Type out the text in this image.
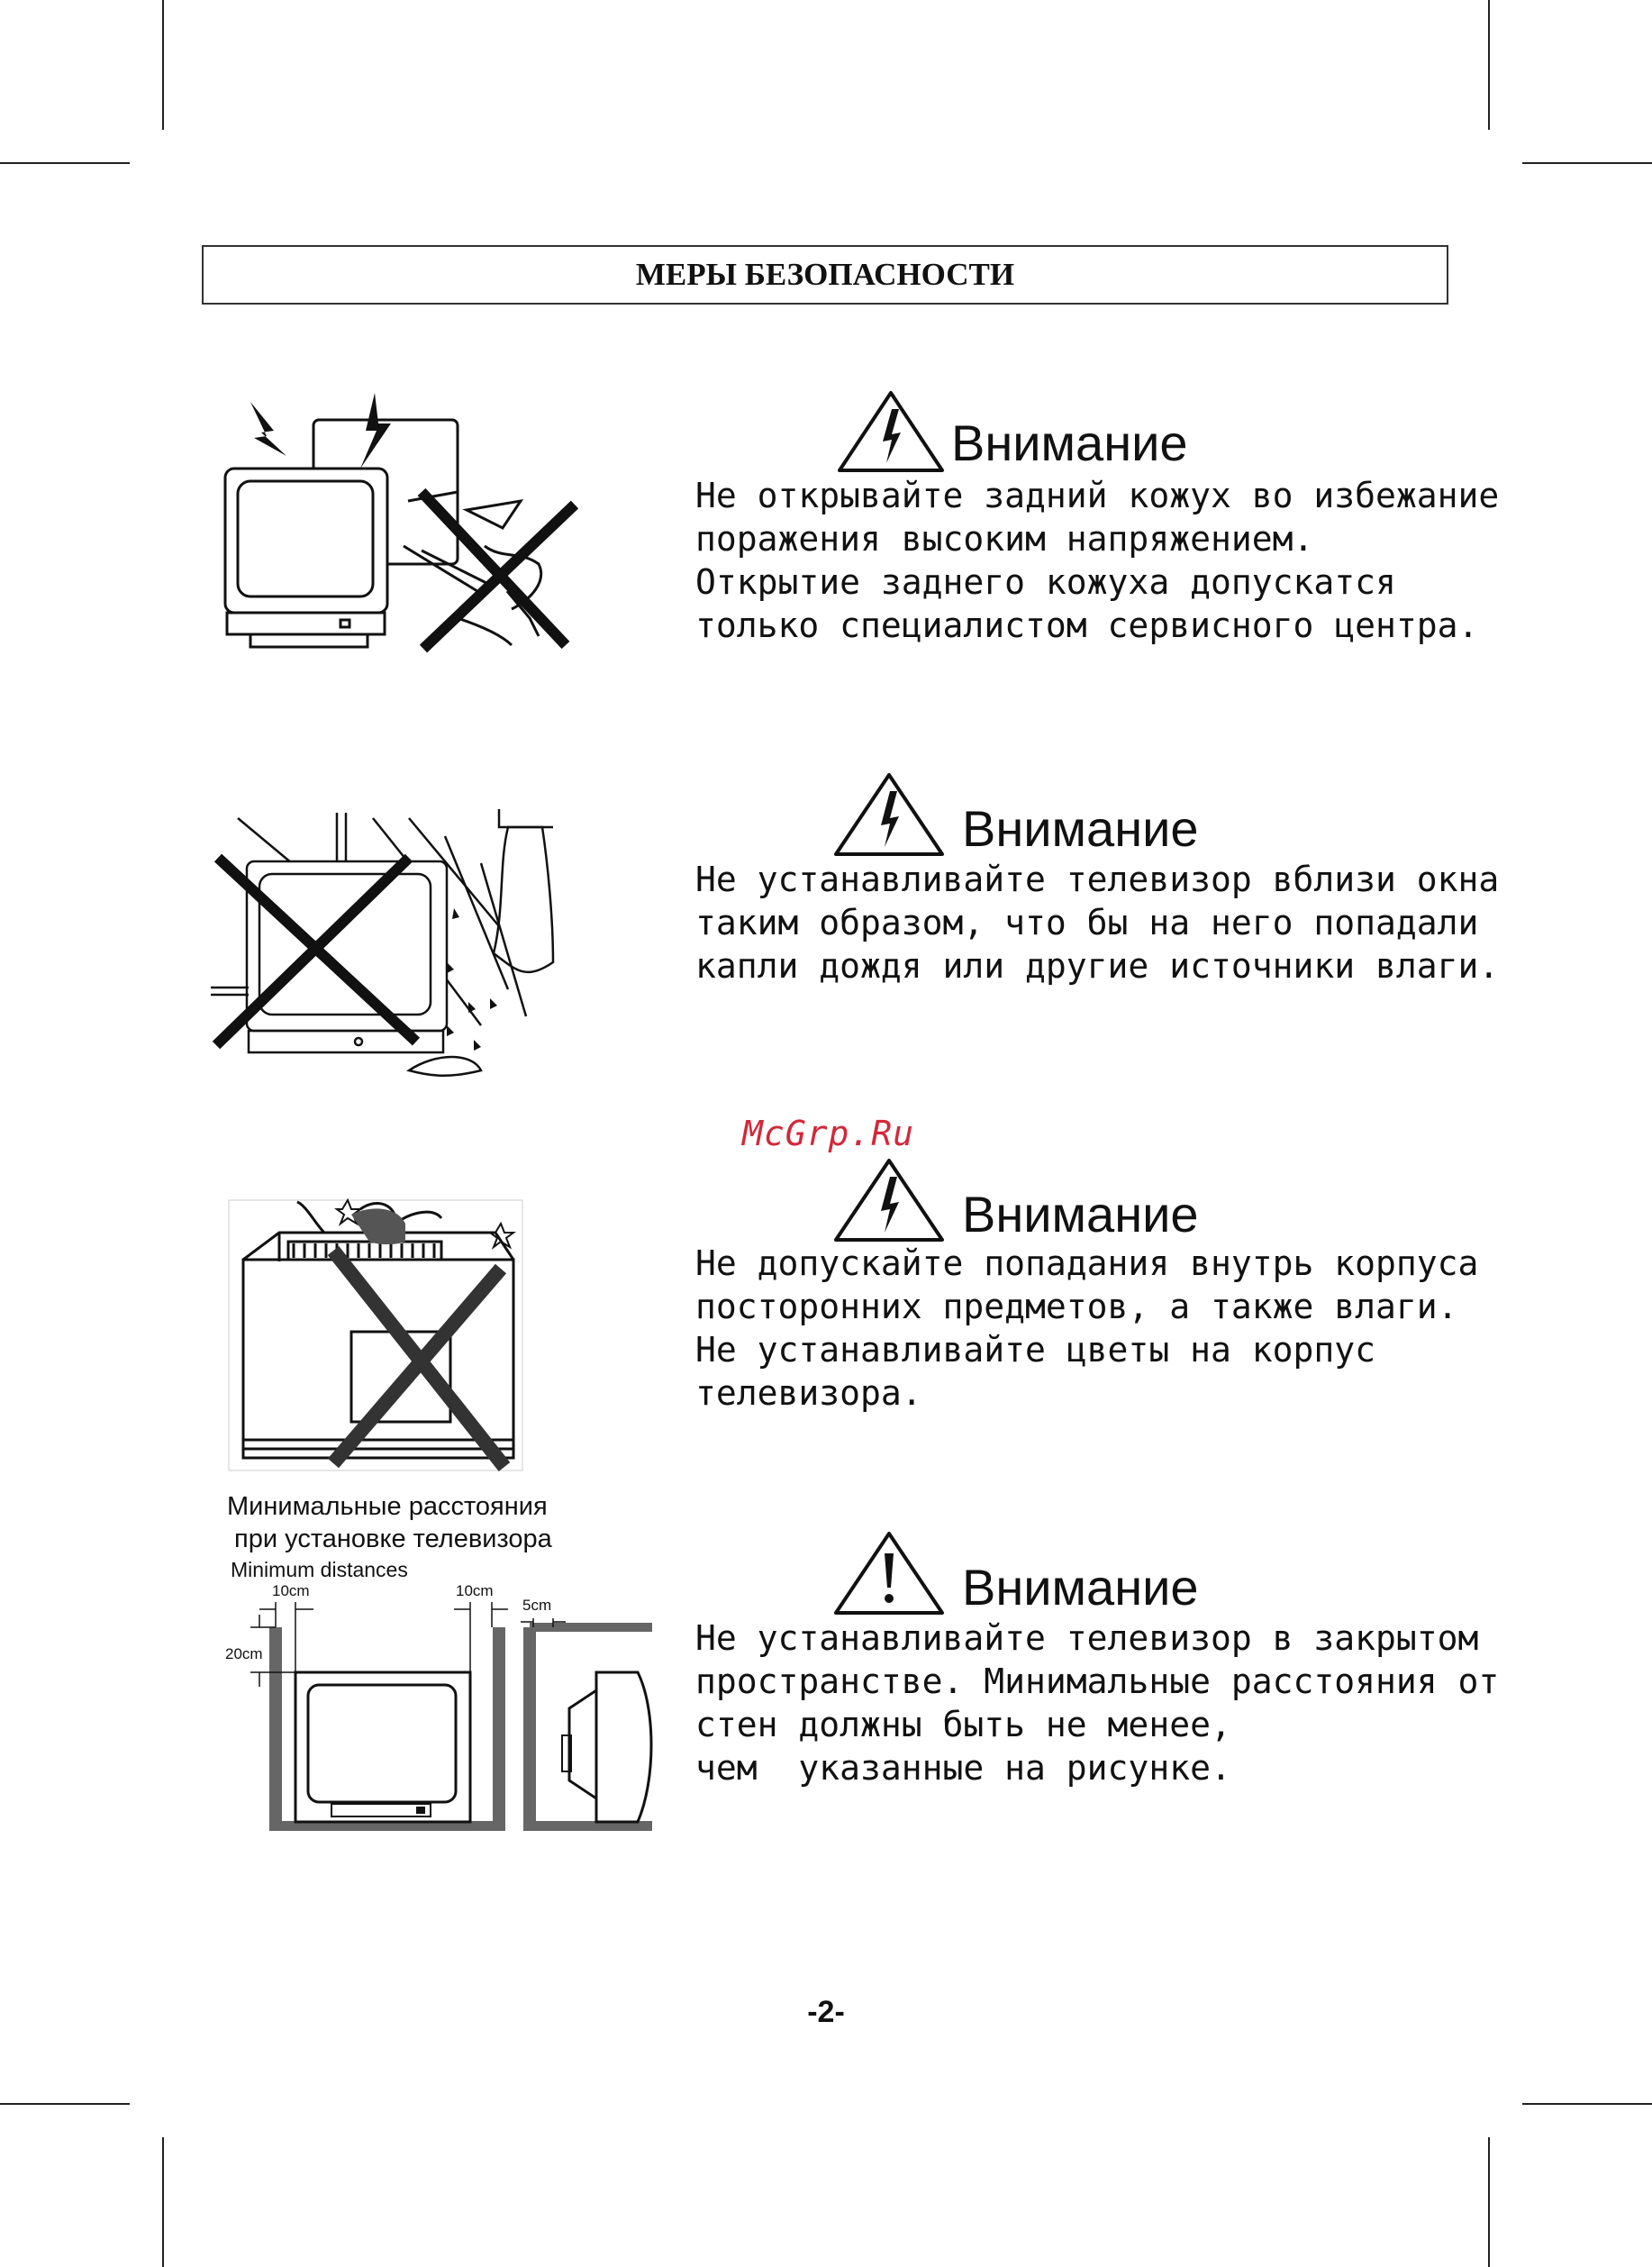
МЕРЫ БЕЗОПАСНОСТИ
Внимание
Не открывайте задний кожух во избежание
поражения высоким напряжением.
Открытие заднего кожуха допускатся
только специалистом сервисного центра.
Внимание
Не устанавливайте телевизор вблизи окна
таким образом, что бы на него попадали
капли дождя или другие источники влаги.
McGrp.Ru
Внимание
Не допускайте попадания внутрь корпуса
посторонних предметов, а также влаги.
Не устанавливайте цветы на корпус
телевизора.
Минимальные расстояния
при установке телевизора
Minimum distances
10cm	10cm
20cm
5cm	Внимание
Не устанавливайте телевизор в закрытом
пространстве. Минимальные расстояния от
стен должны быть не менее,
чем  указанные на рисунке.
-2-
